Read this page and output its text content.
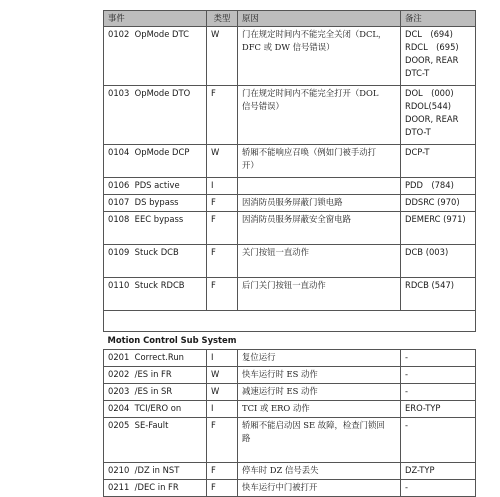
事件	类型	原因	备注
0102 OpMode DTC	W	门在规定时间内不能完全关闭（DCL，
DFC 或 DW 信号错误）	DCL　(694)
RDCL　(695)
DOOR, REAR
DTC-T

0103 OpMode DTO	F	门在规定时间内不能完全打开（DOL
信号错误）	DOL　(000)
RDOL(544)
DOOR, REAR
DTO-T

0104 OpMode DCP	W	轿厢不能响应召唤（例如门被手动打
开）	DCP-T

0106 PDS active	I		PDD　(784)

0107 DS bypass	F	因消防员服务屏蔽门锁电路	DDSRC (970)

0108 EEC bypass	F	因消防员服务屏蔽安全窗电路	DEMERC (971)

0109 Stuck DCB	F	关门按钮一直动作	DCB (003)

0110 Stuck RDCB	F	后门关门按钮一直动作	RDCB (547)

Motion Control Sub System			
0201 Correct.Run	I	复位运行	-

0202 /ES in FR	W	快车运行时 ES 动作	-

0203 /ES in SR	W	减速运行时 ES 动作	-

0204 TCI/ERO on	I	TCI 或 ERO 动作	ERO-TYP

0205 SE-Fault	F	轿厢不能启动因 SE 故障，检查门锁回
路	-

0210 /DZ in NST	F	停车时 DZ 信号丢失	DZ-TYP

0211 /DEC in FR	F	快车运行中门被打开	-
